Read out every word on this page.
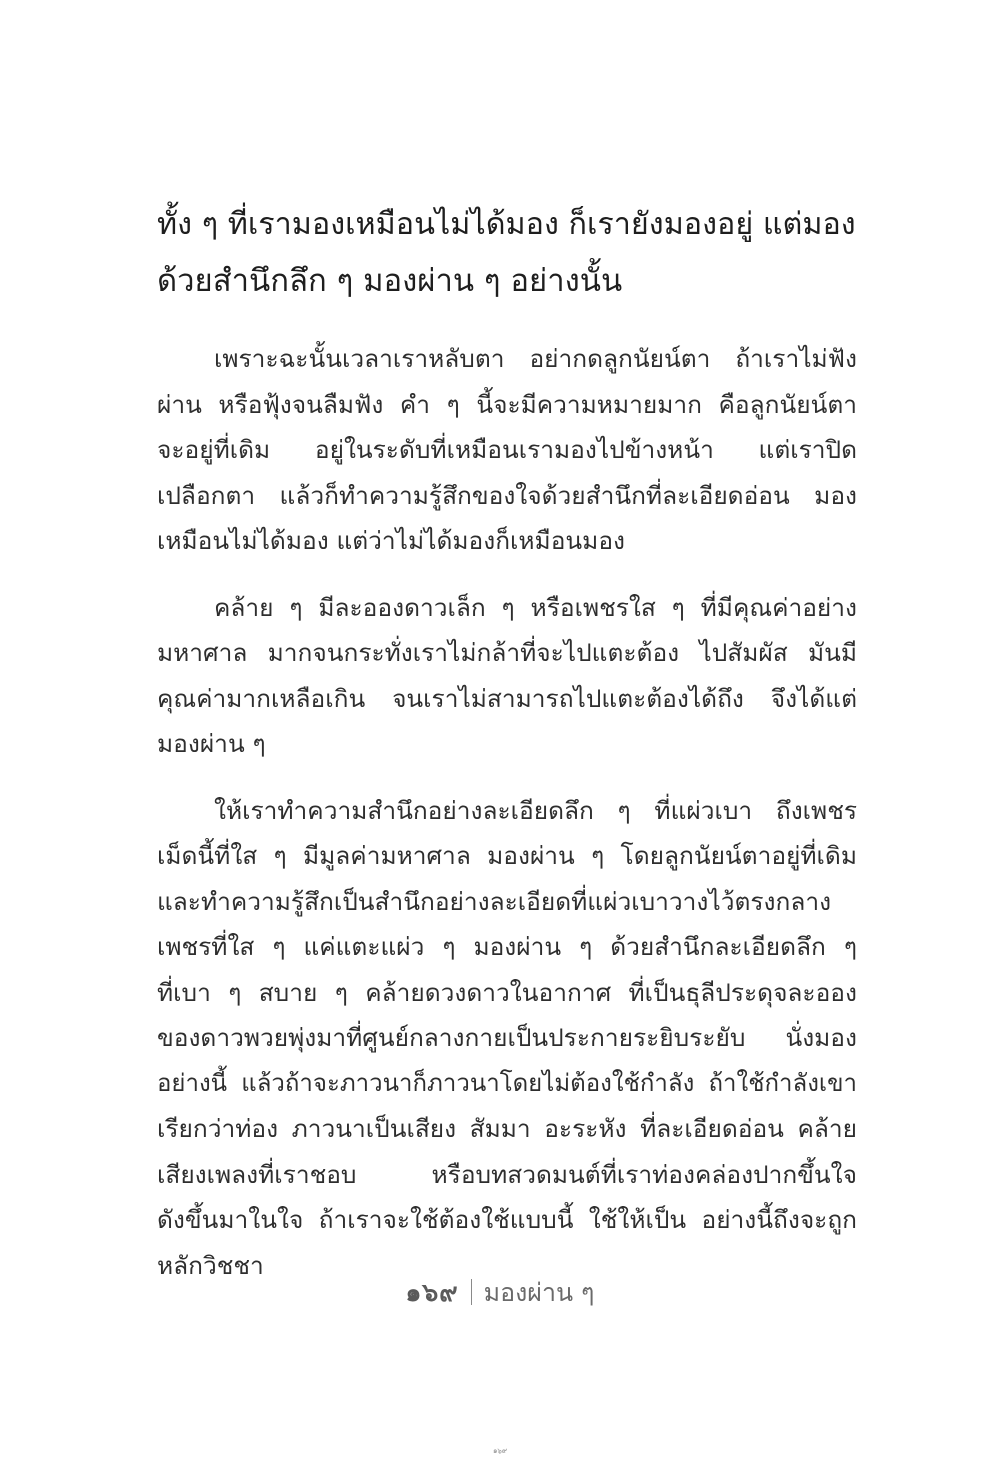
ทั้ง ๆ ที่เรามองเหมือนไม่ได้มอง ก็เรายังมองอยู่ แต่มอง
ด้วยสำนึกลึก ๆ มองผ่าน ๆ อย่างนั้น

เพราะฉะนั้นเวลาเราหลับตา อย่ากดลูกนัยน์ตา ถ้าเราไม่ฟัง
ผ่าน หรือฟุ้งจนลืมฟัง คำ ๆ นี้จะมีความหมายมาก คือลูกนัยน์ตา
จะอยู่ที่เดิม อยู่ในระดับที่เหมือนเรามองไปข้างหน้า แต่เราปิด
เปลือกตา แล้วก็ทำความรู้สึกของใจด้วยสำนึกที่ละเอียดอ่อน มอง
เหมือนไม่ได้มอง แต่ว่าไม่ได้มองก็เหมือนมอง

คล้าย ๆ มีละอองดาวเล็ก ๆ หรือเพชรใส ๆ ที่มีคุณค่าอย่าง
มหาศาล มากจนกระทั่งเราไม่กล้าที่จะไปแตะต้อง ไปสัมผัส มันมี
คุณค่ามากเหลือเกิน จนเราไม่สามารถไปแตะต้องได้ถึง จึงได้แต่
มองผ่าน ๆ

ให้เราทำความสำนึกอย่างละเอียดลึก ๆ ที่แผ่วเบา ถึงเพชร
เม็ดนี้ที่ใส ๆ มีมูลค่ามหาศาล มองผ่าน ๆ โดยลูกนัยน์ตาอยู่ที่เดิม
และทำความรู้สึกเป็นสำนึกอย่างละเอียดที่แผ่วเบาวางไว้ตรงกลาง
เพชรที่ใส ๆ แค่แตะแผ่ว ๆ มองผ่าน ๆ ด้วยสำนึกละเอียดลึก ๆ
ที่เบา ๆ สบาย ๆ คล้ายดวงดาวในอากาศ ที่เป็นธุลีประดุจละออง
ของดาวพวยพุ่งมาที่ศูนย์กลางกายเป็นประกายระยิบระยับ นั่งมอง
อย่างนี้ แล้วถ้าจะภาวนาก็ภาวนาโดยไม่ต้องใช้กำลัง ถ้าใช้กำลังเขา
เรียกว่าท่อง ภาวนาเป็นเสียง สัมมา อะระหัง ที่ละเอียดอ่อน คล้าย
เสียงเพลงที่เราชอบ หรือบทสวดมนต์ที่เราท่องคล่องปากขึ้นใจ
ดังขึ้นมาในใจ ถ้าเราจะใช้ต้องใช้แบบนี้ ใช้ให้เป็น อย่างนี้ถึงจะถูก
หลักวิชชา

๑๖๙ มองผ่าน ๆ
๑๖๙
